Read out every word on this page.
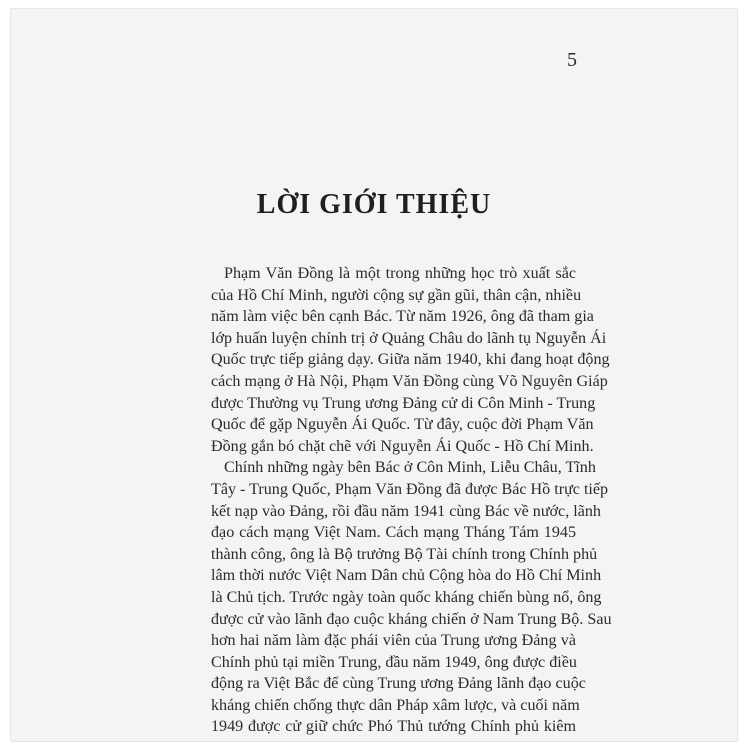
5
LỜI GIỚI THIỆU
Phạm Văn Đồng là một trong những học trò xuất sắc
của Hồ Chí Minh, người cộng sự gần gũi, thân cận, nhiều
năm làm việc bên cạnh Bác. Từ năm 1926, ông đã tham gia
lớp huấn luyện chính trị ở Quảng Châu do lãnh tụ Nguyễn Ái
Quốc trực tiếp giảng dạy. Giữa năm 1940, khi đang hoạt động
cách mạng ở Hà Nội, Phạm Văn Đồng cùng Võ Nguyên Giáp
được Thường vụ Trung ương Đảng cử di Côn Minh - Trung
Quốc để gặp Nguyễn Ái Quốc. Từ đây, cuộc đời Phạm Văn
Đồng gắn bó chặt chẽ với Nguyễn Ái Quốc - Hồ Chí Minh.
Chính những ngày bên Bác ở Côn Minh, Liễu Châu, Tĩnh
Tây - Trung Quốc, Phạm Văn Đồng đã được Bác Hồ trực tiếp
kết nạp vào Đảng, rồi đầu năm 1941 cùng Bác về nước, lãnh
đạo cách mạng Việt Nam. Cách mạng Tháng Tám 1945
thành công, ông là Bộ trưởng Bộ Tài chính trong Chính phủ
lâm thời nước Việt Nam Dân chủ Cộng hòa do Hồ Chí Minh
là Chủ tịch. Trước ngày toàn quốc kháng chiến bùng nổ, ông
được cử vào lãnh đạo cuộc kháng chiến ở Nam Trung Bộ. Sau
hơn hai năm làm đặc phái viên của Trung ương Đảng và
Chính phủ tại miền Trung, đầu năm 1949, ông được điều
động ra Việt Bắc để cùng Trung ương Đảng lãnh đạo cuộc
kháng chiến chống thực dân Pháp xâm lược, và cuối năm
1949 được cử giữ chức Phó Thủ tướng Chính phủ kiêm
